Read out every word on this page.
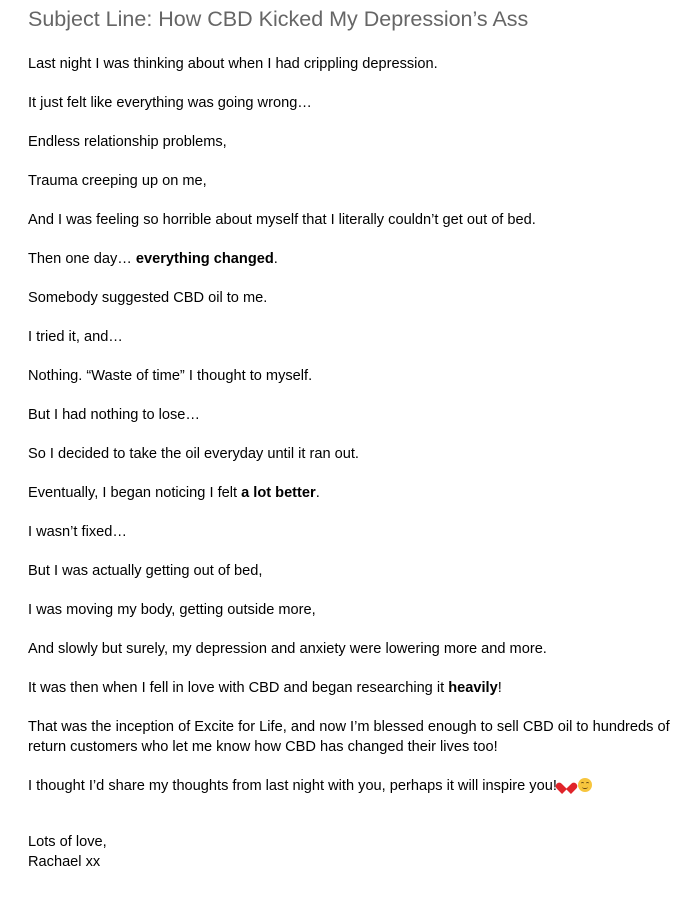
Subject Line: How CBD Kicked My Depression’s Ass
Last night I was thinking about when I had crippling depression.
It just felt like everything was going wrong…
Endless relationship problems,
Trauma creeping up on me,
And I was feeling so horrible about myself that I literally couldn’t get out of bed.
Then one day… everything changed.
Somebody suggested CBD oil to me.
I tried it, and…
Nothing. “Waste of time” I thought to myself.
But I had nothing to lose…
So I decided to take the oil everyday until it ran out.
Eventually, I began noticing I felt a lot better.
I wasn’t fixed…
But I was actually getting out of bed,
I was moving my body, getting outside more,
And slowly but surely, my depression and anxiety were lowering more and more.
It was then when I fell in love with CBD and began researching it heavily!
That was the inception of Excite for Life, and now I’m blessed enough to sell CBD oil to hundreds of return customers who let me know how CBD has changed their lives too!
I thought I’d share my thoughts from last night with you, perhaps it will inspire you!
Lots of love,
Rachael xx
